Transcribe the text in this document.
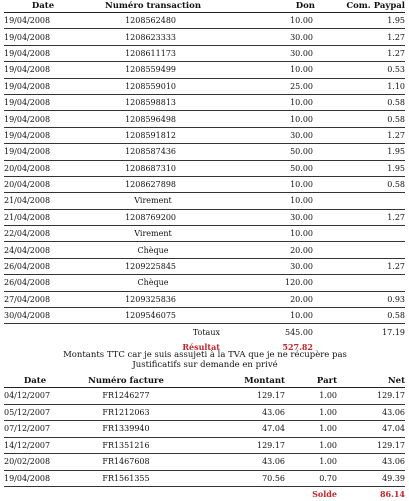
Date	Numéro transaction	Don	Com. Paypal
19/04/2008	1208562480	10.00	1.95
19/04/2008	1208623333	30.00	1.27
19/04/2008	1208611173	30.00	1.27
19/04/2008	1208559499	10.00	0.53
19/04/2008	1208559010	25.00	1.10
19/04/2008	1208598813	10.00	0.58
19/04/2008	1208596498	10.00	0.58
19/04/2008	1208591812	30.00	1.27
19/04/2008	1208587436	50.00	1.95
20/04/2008	1208687310	50.00	1.95
20/04/2008	1208627898	10.00	0.58
21/04/2008	Virement	10.00	
21/04/2008	1208769200	30.00	1.27
22/04/2008	Virement	10.00	
24/04/2008	Chèque	20.00	
26/04/2008	1209225845	30.00	1.27
26/04/2008	Chèque	120.00	
27/04/2008	1209325836	20.00	0.93
30/04/2008	1209546075	10.00	0.58
	Totaux	545.00	17.19
	Résultat	527.82	
Montants TTC car je suis assujeti à la TVA que je ne récupère pas
Justificatifs sur demande en privé
Date	Numéro facture	Montant	Part	Net
04/12/2007	FR1246277	129.17	1.00	129.17
05/12/2007	FR1212063	43.06	1.00	43.06
07/12/2007	FR1339940	47.04	1.00	47.04
14/12/2007	FR1351216	129.17	1.00	129.17
20/02/2008	FR1467608	43.06	1.00	43.06
19/04/2008	FR1561355	70.56	0.70	49.39
			Solde	86.14
